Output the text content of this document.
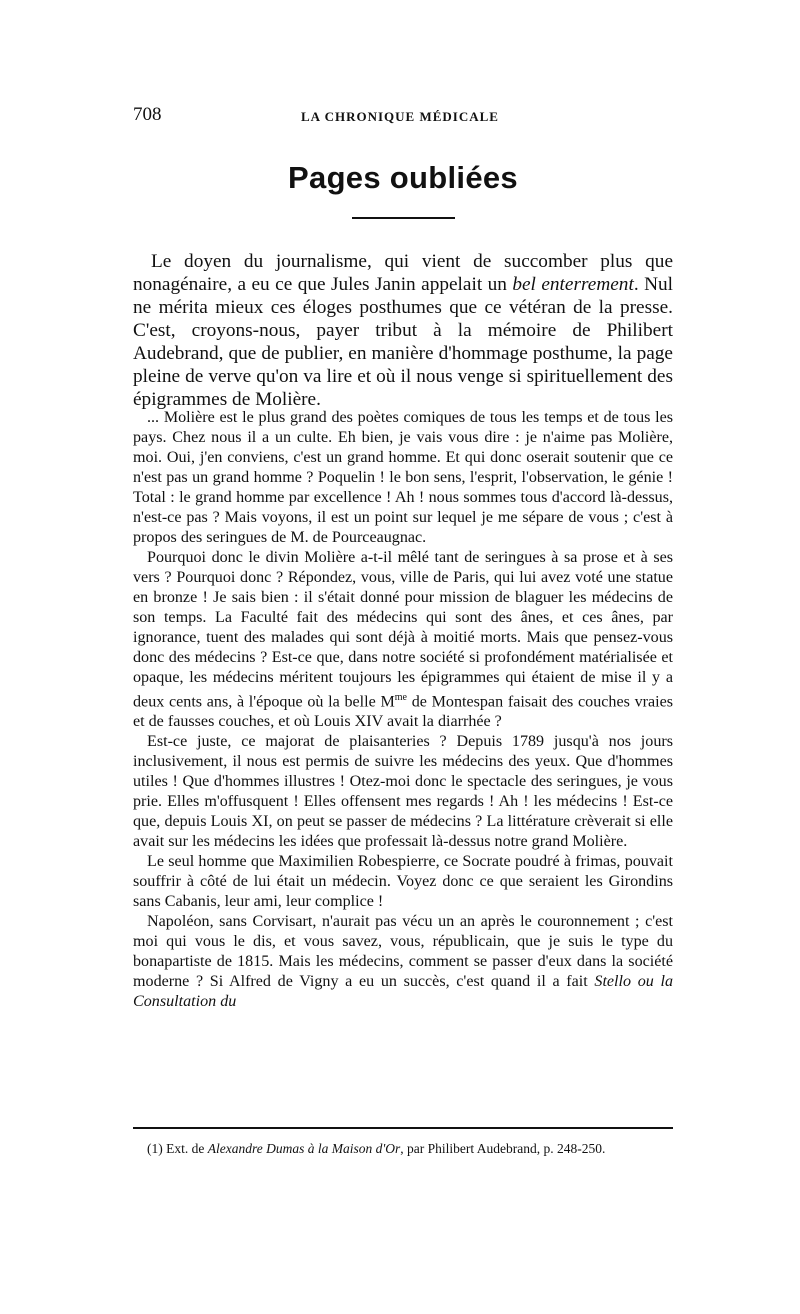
708	LA CHRONIQUE MÉDICALE
Pages oubliées

Le doyen du journalisme, qui vient de succomber plus que nonagénaire, a eu ce que Jules Janin appelait un bel enterrement. Nul ne mérita mieux ces éloges posthumes que ce vétéran de la presse. C'est, croyons-nous, payer tribut à la mémoire de Philibert Audebrand, que de publier, en manière d'hommage posthume, la page pleine de verve qu'on va lire et où il nous venge si spirituellement des épigrammes de Molière.

... Molière est le plus grand des poètes comiques de tous les temps et de tous les pays. Chez nous il a un culte. Eh bien, je vais vous dire : je n'aime pas Molière, moi. Oui, j'en conviens, c'est un grand homme. Et qui donc oserait soutenir que ce n'est pas un grand homme ? Poquelin ! le bon sens, l'esprit, l'observation, le génie ! Total : le grand homme par excellence ! Ah ! nous sommes tous d'accord là-dessus, n'est-ce pas ? Mais voyons, il est un point sur lequel je me sépare de vous ; c'est à propos des seringues de M. de Pourceaugnac.

Pourquoi donc le divin Molière a-t-il mêlé tant de seringues à sa prose et à ses vers ? Pourquoi donc ? Répondez, vous, ville de Paris, qui lui avez voté une statue en bronze ! Je sais bien : il s'était donné pour mission de blaguer les médecins de son temps. La Faculté fait des médecins qui sont des ânes, et ces ânes, par ignorance, tuent des malades qui sont déjà à moitié morts. Mais que pensez-vous donc des médecins ? Est-ce que, dans notre société si profondément matérialisée et opaque, les médecins méritent toujours les épigrammes qui étaient de mise il y a deux cents ans, à l'époque où la belle $M^{me}$ de Montespan faisait des couches vraies et de fausses couches, et où Louis XIV avait la diarrhée ?

Est-ce juste, ce majorat de plaisanteries ? Depuis 1789 jusqu'à nos jours inclusivement, il nous est permis de suivre les médecins des yeux. Que d'hommes utiles ! Que d'hommes illustres ! Otez-moi donc le spectacle des seringues, je vous prie. Elles m'offusquent ! Elles offensent mes regards ! Ah ! les médecins ! Est-ce que, depuis Louis XI, on peut se passer de médecins ? La littérature crèverait si elle avait sur les médecins les idées que professait là-dessus notre grand Molière.

Le seul homme que Maximilien Robespierre, ce Socrate poudré à frimas, pouvait souffrir à côté de lui était un médecin. Voyez donc ce que seraient les Girondins sans Cabanis, leur ami, leur complice !

Napoléon, sans Corvisart, n'aurait pas vécu un an après le couronnement ; c'est moi qui vous le dis, et vous savez, vous, républicain, que je suis le type du bonapartiste de 1815. Mais les médecins, comment se passer d'eux dans la société moderne ? Si Alfred de Vigny a eu un succès, c'est quand il a fait Stello ou la Consultation du

(1) Ext. de Alexandre Dumas à la Maison d'Or, par Philibert Audebrand, p. 248-250.
